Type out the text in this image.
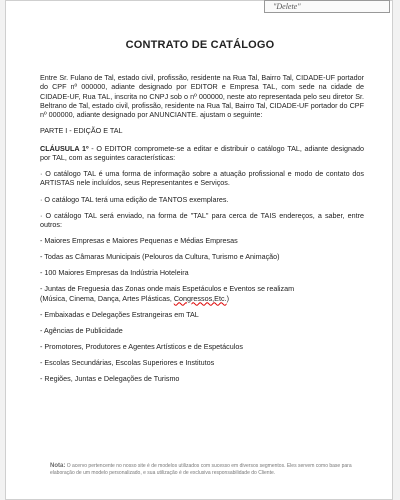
"Delete"
CONTRATO DE CATÁLOGO

Entre Sr. Fulano de Tal, estado civil, profissão, residente na Rua Tal, Bairro Tal, CIDADE-UF portador do CPF nº 000000, adiante designado por EDITOR e Empresa TAL, com sede na cidade de CIDADE-UF, Rua TAL, inscrita no CNPJ sob o nº 000000, neste ato representada pelo seu diretor Sr. Beltrano de Tal, estado civil, profissão, residente na Rua Tal, Bairro Tal, CIDADE-UF portador do CPF nº 000000, adiante designado por ANUNCIANTE. ajustam o seguinte:

PARTE I - EDIÇÃO E TAL

CLÁUSULA 1º - O EDITOR compromete-se a editar e distribuir o catálogo TAL, adiante designado por TAL, com as seguintes características:

· O catálogo TAL é uma forma de informação sobre a atuação profissional e modo de contato dos ARTISTAS nele incluídos, seus Representantes e Serviços.

· O catálogo TAL terá uma edição de TANTOS exemplares.

· O catálogo TAL será enviado, na forma de "TAL" para cerca de TAIS endereços, a saber, entre outros:

- Maiores Empresas e Maiores Pequenas e Médias Empresas

- Todas as Câmaras Municipais (Pelouros da Cultura, Turismo e Animação)

- 100 Maiores Empresas da Indústria Hoteleira

- Juntas de Freguesia das Zonas onde mais Espetáculos e Eventos se realizam
(Música, Cinema, Dança, Artes Plásticas, Congressos,Etc.)

- Embaixadas e Delegações Estrangeiras em TAL

- Agências de Publicidade

- Promotores, Produtores e Agentes Artísticos e de Espetáculos

- Escolas Secundárias, Escolas Superiores e Institutos

- Regiões, Juntas e Delegações de Turismo

Nota: O acervo pertencente no nosso site é de modelos utilizados com sucesso em diversos segmentos. Eles servem como base para elaboração de um modelo personalizado, e sua utilização é de exclusiva responsabilidade do Cliente.
